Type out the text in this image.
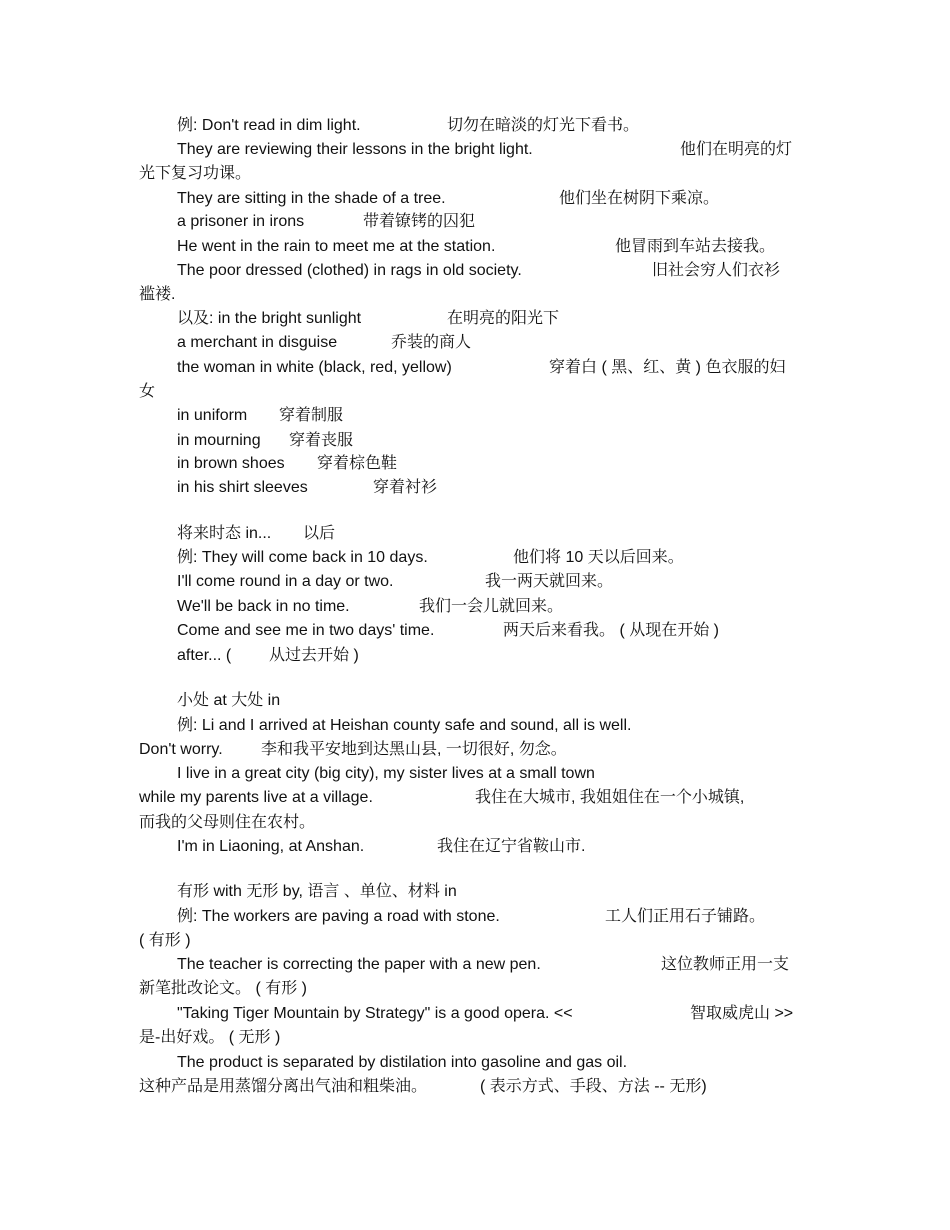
例: Don't read in dim light.	切勿在暗淡的灯光下看书。
They are reviewing their lessons in the bright light.	他们在明亮的灯
光下复习功课。
They are sitting in the shade of a tree.	他们坐在树阴下乘凉。
a prisoner in irons	带着镣铐的囚犯
He went in the rain to meet me at the station.	他冒雨到车站去接我。
The poor dressed (clothed) in rags in old society.	旧社会穷人们衣衫
褴褛.
以及: in the bright sunlight	在明亮的阳光下
a merchant in disguise	乔装的商人
the woman in white (black, red, yellow)	穿着白 ( 黑、红、黄 ) 色衣服的妇
女
in uniform 穿着制服
in mourning 穿着丧服
in brown shoes 穿着棕色鞋
in his shirt sleeves	穿着衬衫
将来时态 in... 以后
例: They will come back in 10 days.	他们将 10 天以后回来。
I'll come round in a day or two.	我一两天就回来。
We'll be back in no time.	我们一会儿就回来。
Come and see me in two days' time.	两天后来看我。 ( 从现在开始 )
after... ( 从过去开始 )
小处 at 大处 in
例: Li and I arrived at Heishan county safe and sound, all is well.
Don't worry. 李和我平安地到达黑山县, 一切很好, 勿念。
I live in a great city (big city), my sister lives at a small town
while my parents live at a village.	我住在大城市, 我姐姐住在一个小城镇,
而我的父母则住在农村。
I'm in Liaoning, at Anshan.	我住在辽宁省鞍山市.
有形 with 无形 by, 语言 、单位、材料 in
例: The workers are paving a road with stone.	工人们正用石子铺路。
( 有形 )
The teacher is correcting the paper with a new pen.	这位教师正用一支
新笔批改论文。 ( 有形 )
"Taking Tiger Mountain by Strategy" is a good opera. <<	智取威虎山 >>
是-出好戏。 ( 无形 )
The product is separated by distilation into gasoline and gas oil.
这种产品是用蒸馏分离出气油和粗柴油。	( 表示方式、手段、方法 -- 无形)
